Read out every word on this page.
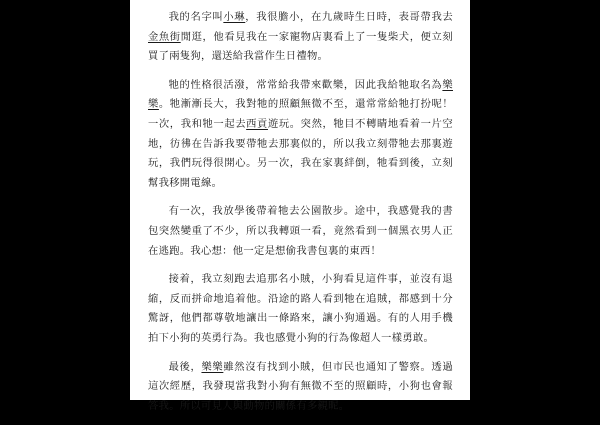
我的名字叫小琳，我很膽小，在九歲時生日時，表哥帶我去金魚街閒逛，他看見我在一家寵物店裏看上了一隻柴犬，便立刻買了兩隻狗，還送給我當作生日禮物。

牠的性格很活潑，常常給我帶來歡樂，因此我給牠取名為樂樂。牠漸漸長大，我對牠的照顧無微不至，還常常給牠打扮呢！一次，我和牠一起去西貢遊玩。突然，牠目不轉睛地看着一片空地，彷彿在告訴我要帶牠去那裏似的，所以我立刻帶牠去那裏遊玩，我們玩得很開心。另一次，我在家裏絆倒，牠看到後，立刻幫我移開電線。

有一次，我放學後帶着牠去公園散步。途中，我感覺我的書包突然變重了不少，所以我轉頭一看，竟然看到一個黑衣男人正在逃跑。我心想：他一定是想偷我書包裏的東西！

接着，我立刻跑去追那名小賊，小狗看見這件事，並沒有退縮，反而拼命地追着他。沿途的路人看到牠在追賊，都感到十分驚訝，他們都尊敬地讓出一條路來，讓小狗通過。有的人用手機拍下小狗的英勇行為。我也感覺小狗的行為像超人一樣勇敢。

最後，樂樂雖然沒有找到小賊，但市民也通知了警察。透過這次經歷，我發現當我對小狗有無微不至的照顧時，小狗也會報答我。所以可見人與動物的關係有多親昵。
